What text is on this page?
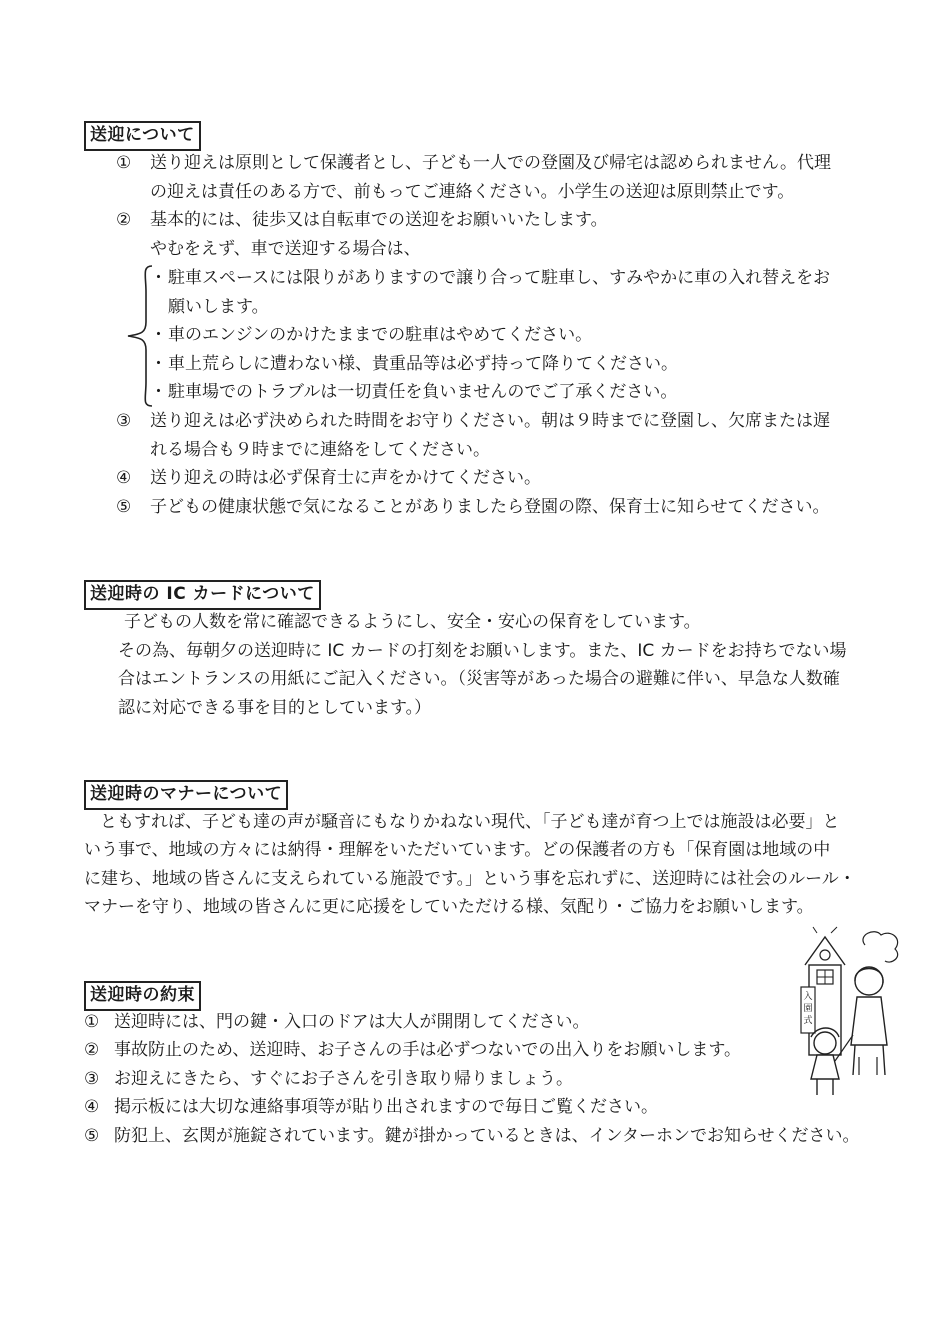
送迎について
① 送り迎えは原則として保護者とし、子ども一人での登園及び帰宅は認められません。代理
の迎えは責任のある方で、前もってご連絡ください。小学生の送迎は原則禁止です。
② 基本的には、徒歩又は自転車での送迎をお願いいたします。
やむをえず、車で送迎する場合は、
・ 駐車スペースには限りがありますので譲り合って駐車し、すみやかに車の入れ替えをお
願いします。
・ 車のエンジンのかけたままでの駐車はやめてください。
・ 車上荒らしに遭わない様、貴重品等は必ず持って降りてください。
・ 駐車場でのトラブルは一切責任を負いませんのでご了承ください。
③ 送り迎えは必ず決められた時間をお守りください。朝は９時までに登園し、欠席または遅
れる場合も９時までに連絡をしてください。
④ 送り迎えの時は必ず保育士に声をかけてください。
⑤ 子どもの健康状態で気になることがありましたら登園の際、保育士に知らせてください。
送迎時の IC カードについて
子どもの人数を常に確認できるようにし、安全・安心の保育をしています。
その為、毎朝夕の送迎時に IC カードの打刻をお願いします。また、IC カードをお持ちでない場
合はエントランスの用紙にご記入ください。（災害等があった場合の避難に伴い、早急な人数確
認に対応できる事を目的としています。）
送迎時のマナーについて
ともすれば、子ども達の声が騒音にもなりかねない現代、「子ども達が育つ上では施設は必要」と
いう事で、地域の方々には納得・理解をいただいています。どの保護者の方も「保育園は地域の中
に建ち、地域の皆さんに支えられている施設です。」という事を忘れずに、送迎時には社会のルール・
マナーを守り、地域の皆さんに更に応援をしていただける様、気配り・ご協力をお願いします。
送迎時の約束
① 送迎時には、門の鍵・入口のドアは大人が開閉してください。
② 事故防止のため、送迎時、お子さんの手は必ずつないでの出入りをお願いします。
③ お迎えにきたら、すぐにお子さんを引き取り帰りましょう。
④ 掲示板には大切な連絡事項等が貼り出されますので毎日ご覧ください。
⑤ 防犯上、玄関が施錠されています。鍵が掛かっているときは、インターホンでお知らせください。
入
園
式
